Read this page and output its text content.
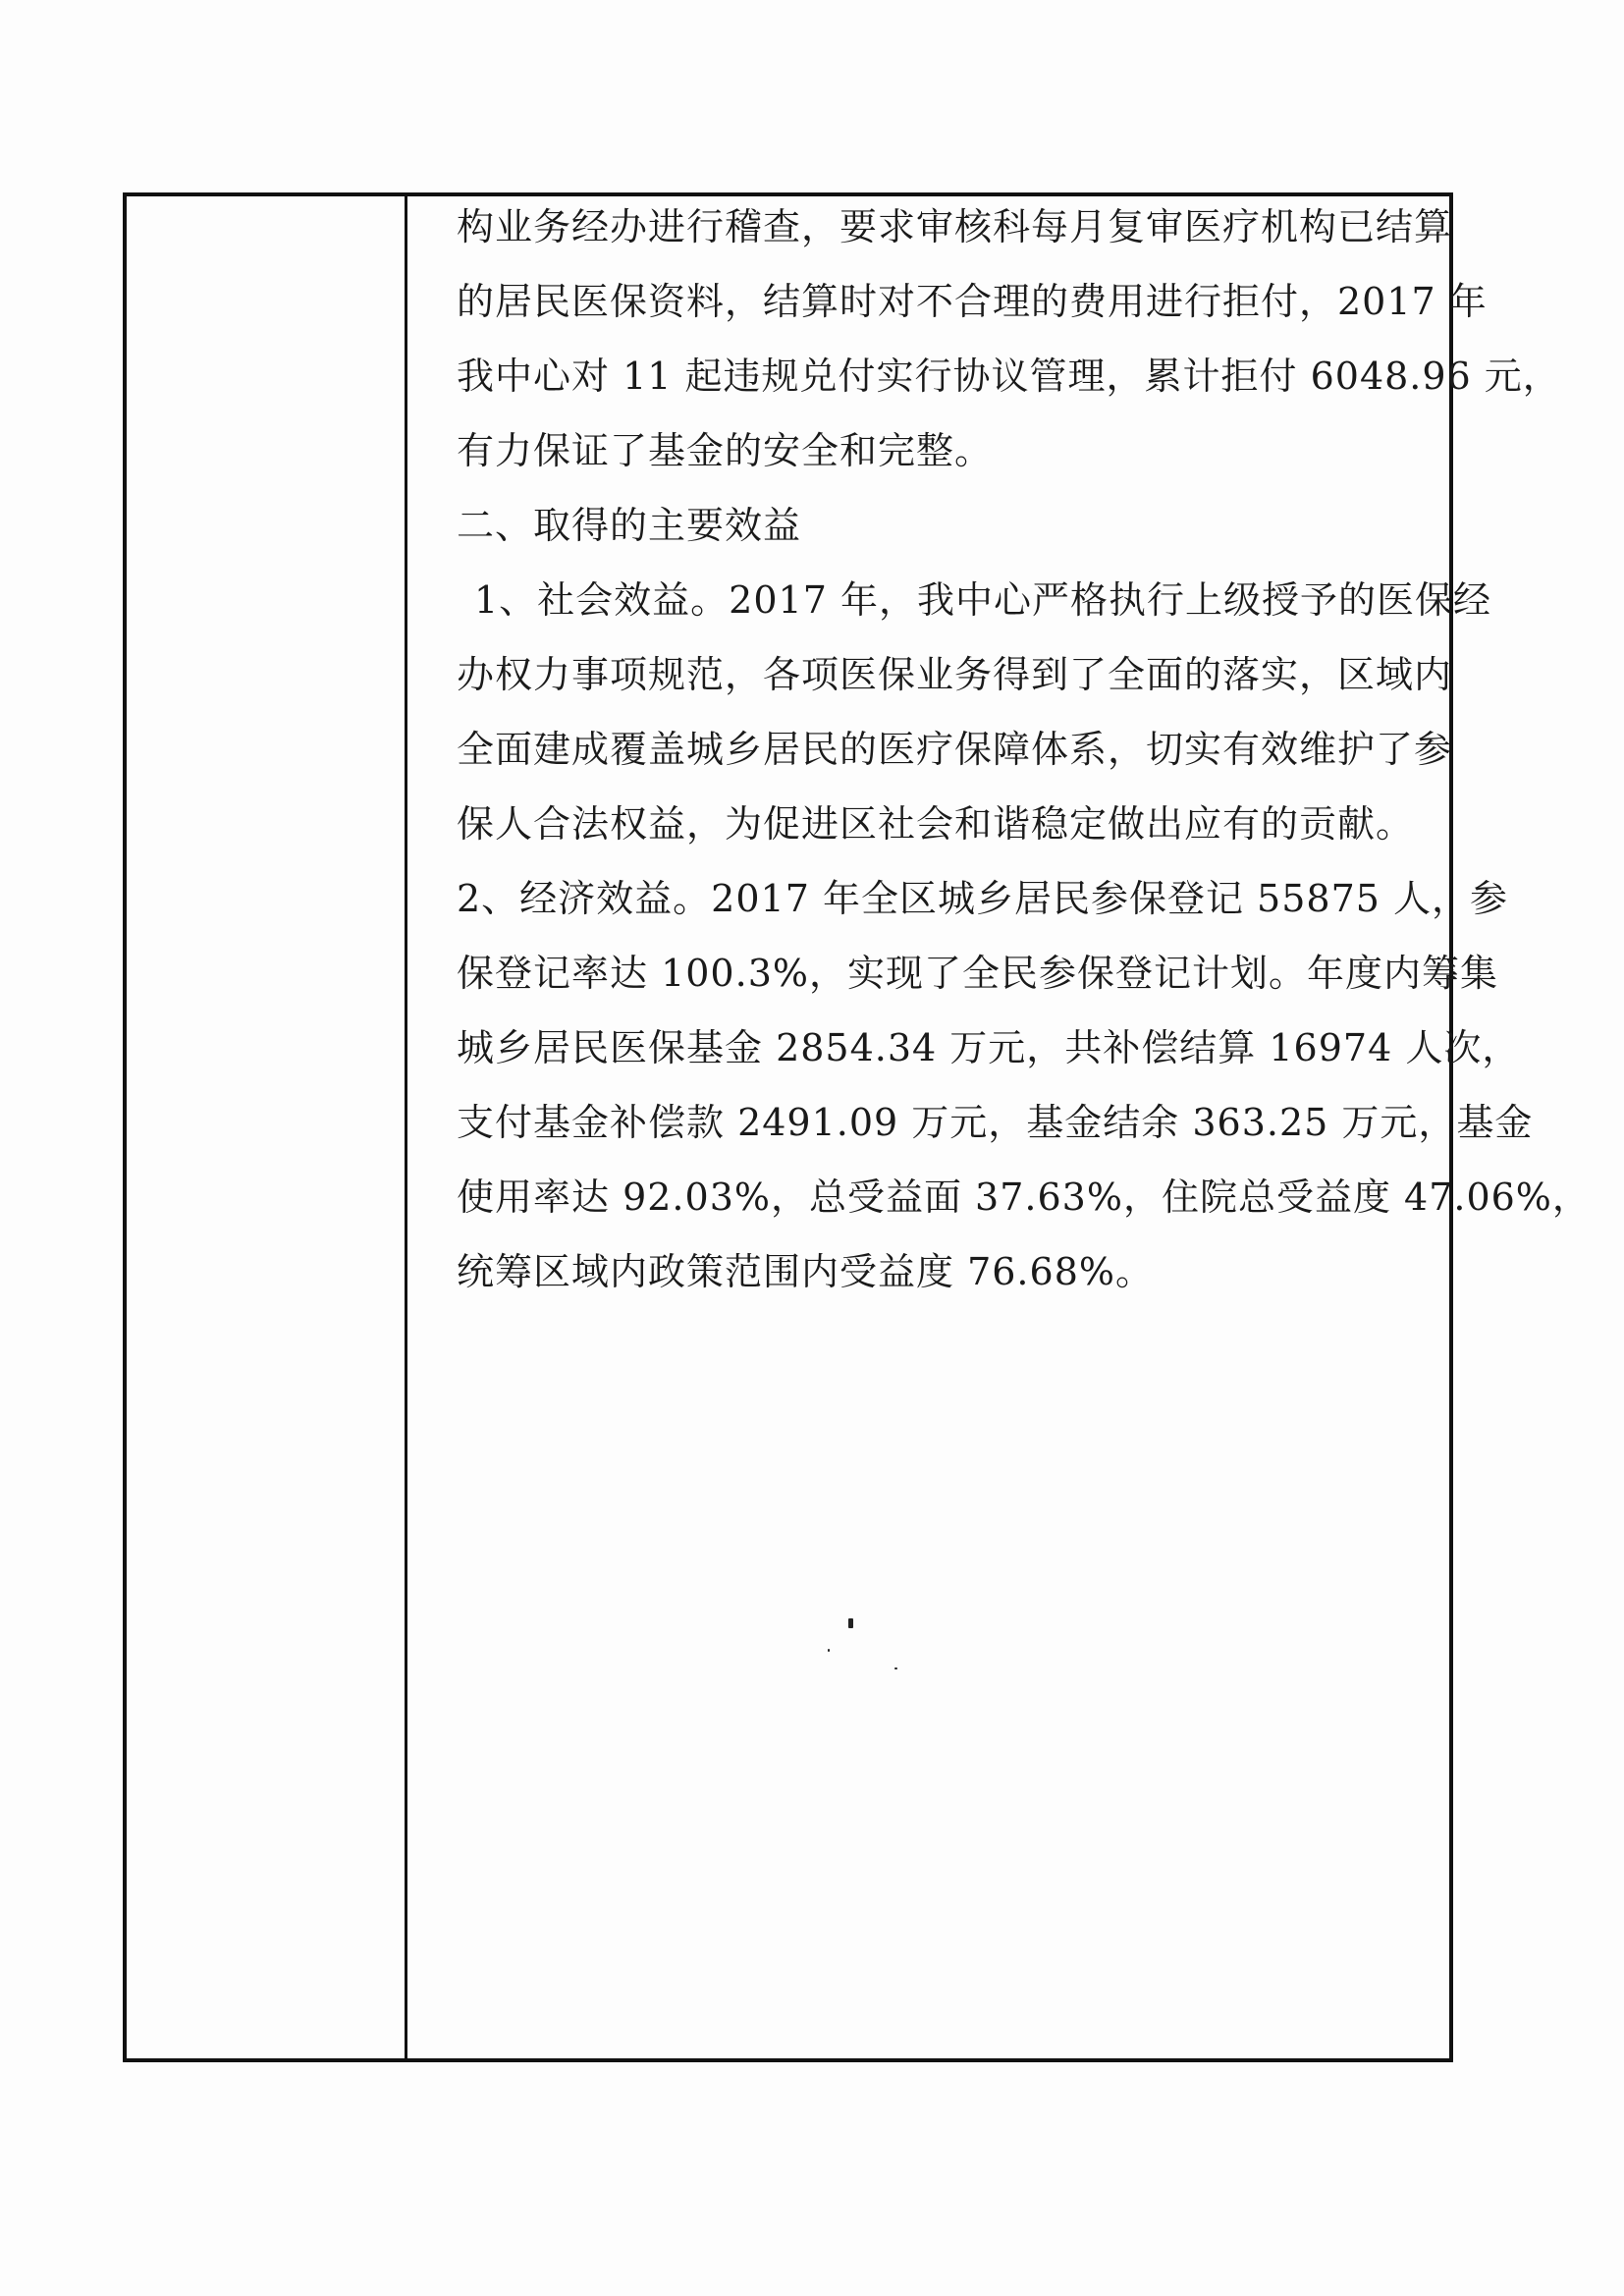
构业务经办进行稽查，要求审核科每月复审医疗机构已结算
的居民医保资料，结算时对不合理的费用进行拒付，2017 年
我中心对 11 起违规兑付实行协议管理，累计拒付 6048.96 元，
有力保证了基金的安全和完整。
二、取得的主要效益
1、社会效益。2017 年，我中心严格执行上级授予的医保经
办权力事项规范，各项医保业务得到了全面的落实，区域内
全面建成覆盖城乡居民的医疗保障体系，切实有效维护了参
保人合法权益，为促进区社会和谐稳定做出应有的贡献。
2、经济效益。2017 年全区城乡居民参保登记 55875 人，参
保登记率达 100.3%，实现了全民参保登记计划。年度内筹集
城乡居民医保基金 2854.34 万元，共补偿结算 16974 人次，
支付基金补偿款 2491.09 万元，基金结余 363.25 万元，基金
使用率达 92.03%，总受益面 37.63%，住院总受益度 47.06%，
统筹区域内政策范围内受益度 76.68%。
